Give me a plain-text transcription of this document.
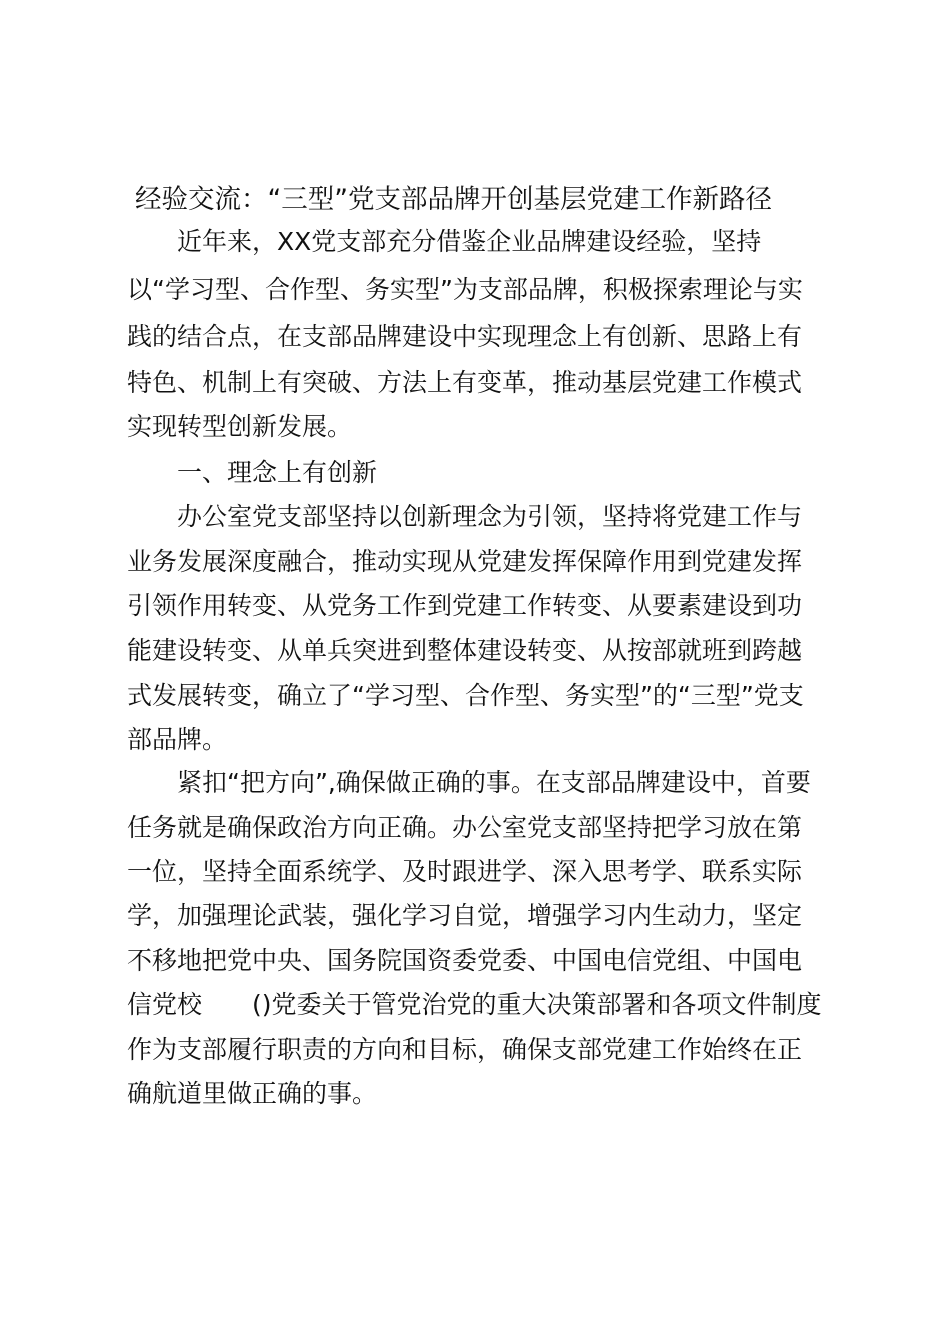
经验交流：“三型”党支部品牌开创基层党建工作新路径
近年来，XX党支部充分借鉴企业品牌建设经验，坚持
以“学习型、合作型、务实型”为支部品牌，积极探索理论与实
践的结合点，在支部品牌建设中实现理念上有创新、思路上有
特色、机制上有突破、方法上有变革，推动基层党建工作模式
实现转型创新发展。
一、理念上有创新
办公室党支部坚持以创新理念为引领，坚持将党建工作与
业务发展深度融合，推动实现从党建发挥保障作用到党建发挥
引领作用转变、从党务工作到党建工作转变、从要素建设到功
能建设转变、从单兵突进到整体建设转变、从按部就班到跨越
式发展转变，确立了“学习型、合作型、务实型”的“三型”党支
部品牌。
紧扣“把方向”,确保做正确的事。在支部品牌建设中，首要
任务就是确保政治方向正确。办公室党支部坚持把学习放在第
一位，坚持全面系统学、及时跟进学、深入思考学、联系实际
学，加强理论武装，强化学习自觉，增强学习内生动力，坚定
不移地把党中央、国务院国资委党委、中国电信党组、中国电
信党校　　()党委关于管党治党的重大决策部署和各项文件制度
作为支部履行职责的方向和目标，确保支部党建工作始终在正
确航道里做正确的事。
